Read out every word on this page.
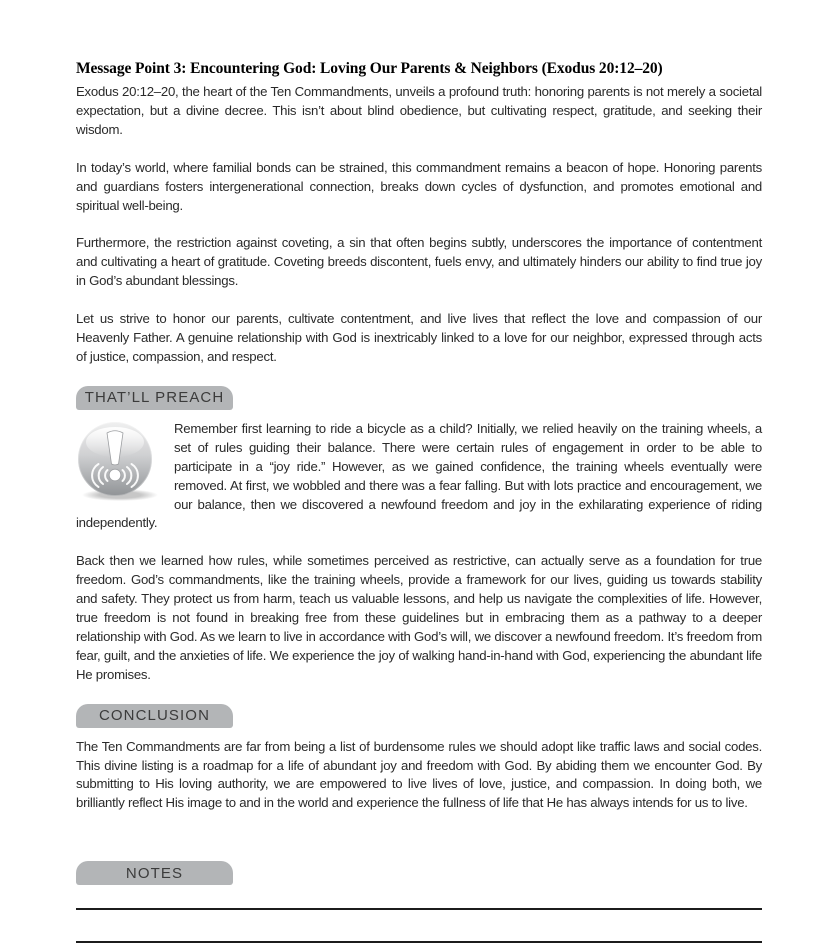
Message Point 3: Encountering God: Loving Our Parents & Neighbors (Exodus 20:12–20)

Exodus 20:12–20, the heart of the Ten Commandments, unveils a profound truth: honoring parents is not merely a societal expectation, but a divine decree. This isn’t about blind obedience, but cultivating respect, gratitude, and seeking their wisdom.

In today’s world, where familial bonds can be strained, this commandment remains a beacon of hope. Honoring parents and guardians fosters intergenerational connection, breaks down cycles of dysfunction, and promotes emotional and spiritual well-being.

Furthermore, the restriction against coveting, a sin that often begins subtly, underscores the importance of contentment and cultivating a heart of gratitude. Coveting breeds discontent, fuels envy, and ultimately hinders our ability to find true joy in God’s abundant blessings.

Let us strive to honor our parents, cultivate contentment, and live lives that reflect the love and compassion of our Heavenly Father. A genuine relationship with God is inextricably linked to a love for our neighbor, expressed through acts of justice, compassion, and respect.

THAT’LL PREACH

Remember first learning to ride a bicycle as a child? Initially, we relied heavily on the training wheels, a set of rules guiding their balance. There were certain rules of engagement in order to be able to participate in a “joy ride.” However, as we gained confidence, the training wheels eventually were removed. At first, we wobbled and there was a fear falling. But with lots practice and encouragement, we our balance, then we discovered a newfound freedom and joy in the exhilarating experience of riding independently.

Back then we learned how rules, while sometimes perceived as restrictive, can actually serve as a foundation for true freedom. God’s commandments, like the training wheels, provide a framework for our lives, guiding us towards stability and safety. They protect us from harm, teach us valuable lessons, and help us navigate the complexities of life. However, true freedom is not found in breaking free from these guidelines but in embracing them as a pathway to a deeper relationship with God. As we learn to live in accordance with God’s will, we discover a newfound freedom. It’s freedom from fear, guilt, and the anxieties of life. We experience the joy of walking hand-in-hand with God, experiencing the abundant life He promises.

CONCLUSION

The Ten Commandments are far from being a list of burdensome rules we should adopt like traffic laws and social codes. This divine listing is a roadmap for a life of abundant joy and freedom with God. By abiding them we encounter God. By submitting to His loving authority, we are empowered to live lives of love, justice, and compassion. In doing both, we brilliantly reflect His image to and in the world and experience the fullness of life that He has always intends for us to live.

NOTES
